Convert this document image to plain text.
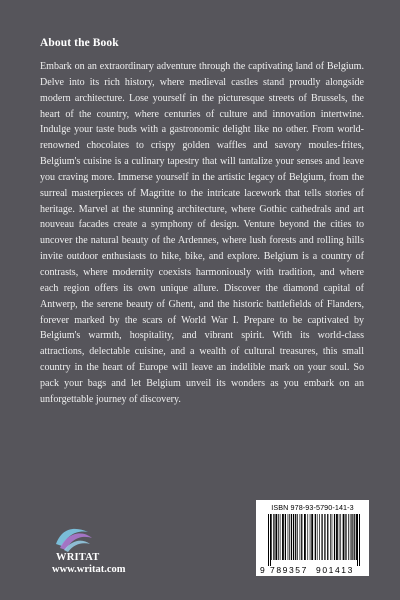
About the Book

Embark on an extraordinary adventure through the captivating land of Belgium. Delve into its rich history, where medieval castles stand proudly alongside modern architecture. Lose yourself in the picturesque streets of Brussels, the heart of the country, where centuries of culture and innovation intertwine. Indulge your taste buds with a gastronomic delight like no other. From world-renowned chocolates to crispy golden waffles and savory moules-frites, Belgium's cuisine is a culinary tapestry that will tantalize your senses and leave you craving more. Immerse yourself in the artistic legacy of Belgium, from the surreal masterpieces of Magritte to the intricate lacework that tells stories of heritage. Marvel at the stunning architecture, where Gothic cathedrals and art nouveau facades create a symphony of design. Venture beyond the cities to uncover the natural beauty of the Ardennes, where lush forests and rolling hills invite outdoor enthusiasts to hike, bike, and explore. Belgium is a country of contrasts, where modernity coexists harmoniously with tradition, and where each region offers its own unique allure. Discover the diamond capital of Antwerp, the serene beauty of Ghent, and the historic battlefields of Flanders, forever marked by the scars of World War I. Prepare to be captivated by Belgium's warmth, hospitality, and vibrant spirit. With its world-class attractions, delectable cuisine, and a wealth of cultural treasures, this small country in the heart of Europe will leave an indelible mark on your soul. So pack your bags and let Belgium unveil its wonders as you embark on an unforgettable journey of discovery.

WRITAT
www.writat.com
ISBN 978-93-5790-141-3
9 789357 901413
